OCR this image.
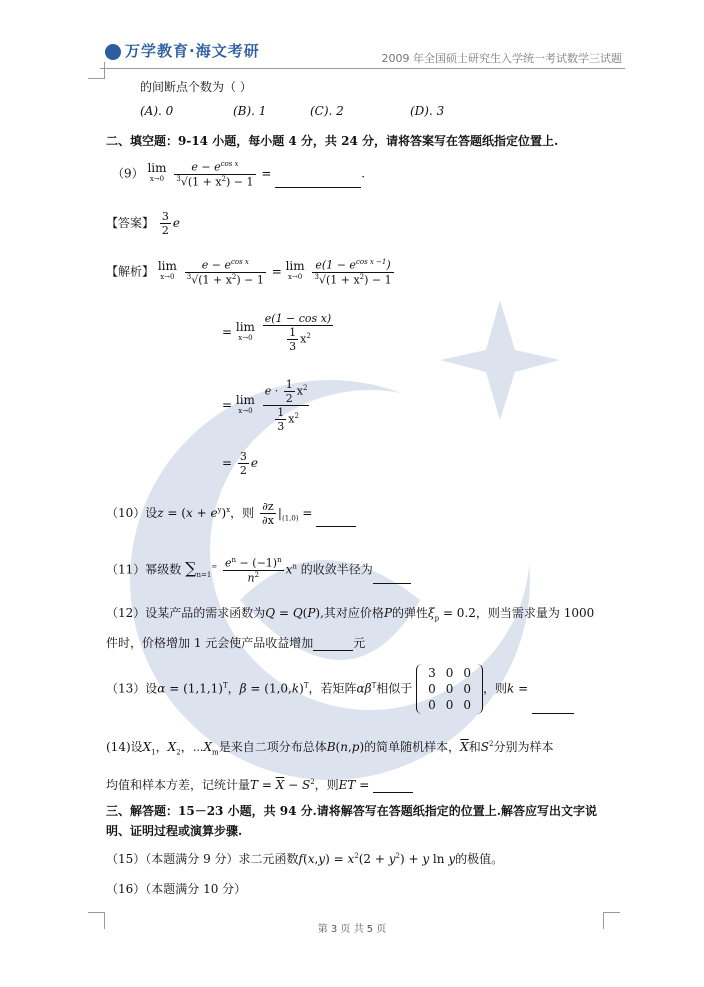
万学教育·海文考研	2009 年全国硕士研究生入学统一考试数学三试题
的间断点个数为（ ）
(A). 0	(B). 1	(C). 2	(D). 3
二、填空题：9-14 小题，每小题 4 分，共 24 分，请将答案写在答题纸指定位置上.
（9） lim
x→0
$\frac{e - e^{cos x}}{^3√(1 + x^2) - 1}$ =	.
【答案】 $\frac{3}{2}$ e
【解析】 lim
x→0
$\frac{e - e^{cos x}}{^3√(1 + x^2) - 1} = \lim$
x→0
$\frac{e(1 - e^{cos x -1})}{^3√(1 + x^2) - 1}$
= lim
x→0
$\frac{\text{e(1 − cos x)}}{\frac{1}{3} x^2}$
= lim
x→0
$\frac{e \cdot \frac{1}{2} x^2}{\frac{1}{3} x^2}$
= $\frac{3}{2}$ e
（10）设$z = (x + e^y)^x$，则 $\frac{\partial z}{\partial x} |_{(1,0)}$ =
（11）幂级数 $\sum_{n=1}^\infty \frac{e^n - (-1)^n}{n^2} x^n$ 的收敛半径为
（12）设某产品的需求函数为Q = Q(P),其对应价格P的弹性$\xi_p = 0.2$，则当需求量为 1000
件时，价格增加 1 元会使产品收益增加	元
（13）设$\alpha = (1,1,1)^T$，$\beta = (1,0,k)^T$，若矩阵$\alpha\beta^T$相似于
3	0	0
0	0	0
0	0	0
，则k =
(14)设$X_1$，$X_2$，$\cdots X_m$是来自二项分布总体B(n,p)的简单随机样本，$\overline{X}$和$S^2$分别为样本
均值和样本方差，记统计量$T = \overline{X} - S^2$，则ET =
三、解答题：15－23 小题，共 94 分.请将解答写在答题纸指定的位置上.解答应写出文字说
明、证明过程或演算步骤.
（15）（本题满分 9 分）求二元函数$f(x,y) = x^2(2 + y^2) + y$ ln y的极值。
（16）（本题满分 10 分）
第 3 页 共 5 页
